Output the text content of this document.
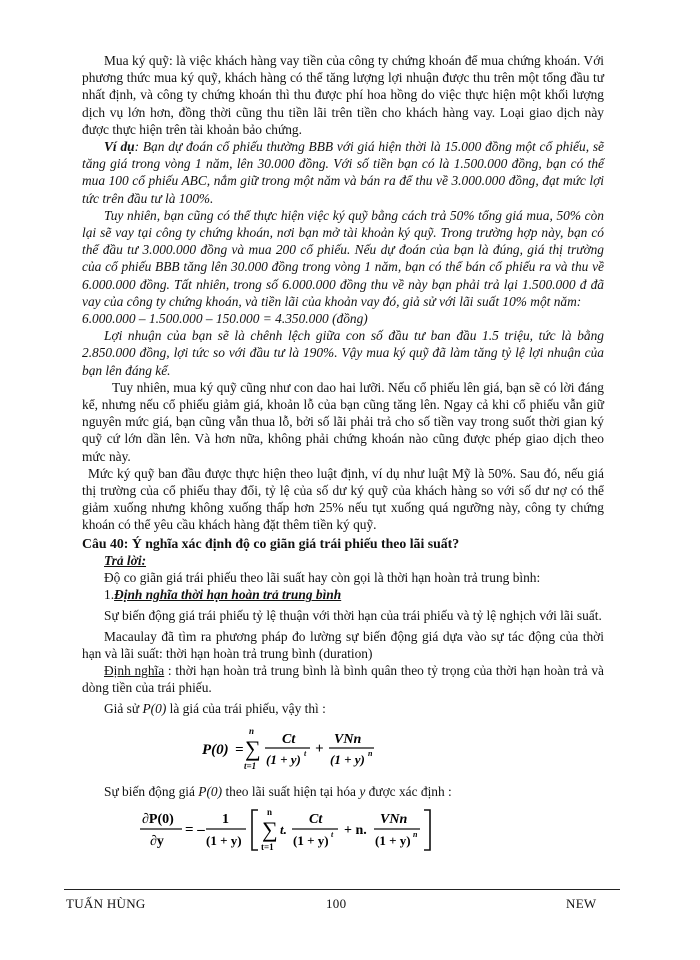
Mua ký quỹ: là việc khách hàng vay tiền của công ty chứng khoán để mua chứng khoán. Với phương thức mua ký quỹ, khách hàng có thể tăng lượng lợi nhuận được thu trên một tổng đầu tư nhất định, và công ty chứng khoán thì thu được phí hoa hồng do việc thực hiện một khối lượng dịch vụ lớn hơn, đồng thời cũng thu tiền lãi trên tiền cho khách hàng vay. Loại giao dịch này được thực hiện trên tài khoản bảo chứng.

Ví dụ: Bạn dự đoán cổ phiếu thường BBB với giá hiện thời là 15.000 đồng một cổ phiếu, sẽ tăng giá trong vòng 1 năm, lên 30.000 đồng. Với số tiền bạn có là 1.500.000 đồng, bạn có thể mua 100 cổ phiếu ABC, nắm giữ trong một năm và bán ra để thu về 3.000.000 đồng, đạt mức lợi tức trên đầu tư là 100%.

Tuy nhiên, bạn cũng có thể thực hiện việc ký quỹ bằng cách trả 50% tổng giá mua, 50% còn lại sẽ vay tại công ty chứng khoán, nơi bạn mở tài khoản ký quỹ. Trong trường hợp này, bạn có thể đầu tư 3.000.000 đồng và mua 200 cổ phiếu. Nếu dự đoán của bạn là đúng, giá thị trường của cổ phiếu BBB tăng lên 30.000 đồng trong vòng 1 năm, bạn có thể bán cổ phiếu ra và thu về 6.000.000 đồng. Tất nhiên, trong số 6.000.000 đồng thu về này bạn phải trả lại 1.500.000 đ đã vay của công ty chứng khoán, và tiền lãi của khoản vay đó, giả sử với lãi suất 10% một năm:

6.000.000 – 1.500.000 – 150.000 = 4.350.000 (đồng)

Lợi nhuận của bạn sẽ là chênh lệch giữa con số đầu tư ban đầu 1.5 triệu, tức là bằng 2.850.000 đồng, lợi tức so với đầu tư là 190%. Vậy mua ký quỹ đã làm tăng tỷ lệ lợi nhuận của bạn lên đáng kể.

Tuy nhiên, mua ký quỹ cũng như con dao hai lưỡi. Nếu cổ phiếu lên giá, bạn sẽ có lời đáng kể, nhưng nếu cổ phiếu giảm giá, khoản lỗ của bạn cũng tăng lên. Ngay cả khi cổ phiếu vẫn giữ nguyên mức giá, bạn cũng vẫn thua lỗ, bởi số lãi phải trả cho số tiền vay trong suốt thời gian ký quỹ cứ lớn dần lên. Và hơn nữa, không phải chứng khoán nào cũng được phép giao dịch theo mức này.

Mức ký quỹ ban đầu được thực hiện theo luật định, ví dụ như luật Mỹ là 50%. Sau đó, nếu giá thị trường của cổ phiếu thay đổi, tỷ lệ của số dư ký quỹ của khách hàng so với số dư nợ có thể giảm xuống nhưng không xuống thấp hơn 25% nếu tụt xuống quá ngưỡng này, công ty chứng khoán có thể yêu cầu khách hàng đặt thêm tiền ký quỹ.

Câu 40: Ý nghĩa xác định độ co giãn giá trái phiếu theo lãi suất?

Trả lời:

Độ co giãn giá trái phiếu theo lãi suất hay còn gọi là thời hạn hoàn trả trung bình:

1.Định nghĩa thời hạn hoàn trả trung bình

Sự biến động giá trái phiếu tỷ lệ thuận với thời hạn của trái phiếu và tỷ lệ nghịch với lãi suất.

Macaulay đã tìm ra phương pháp đo lường sự biến động giá dựa vào sự tác động của thời hạn và lãi suất: thời hạn hoàn trả trung bình (duration)

Định nghĩa : thời hạn hoàn trả trung bình là bình quân theo tỷ trọng của thời hạn hoàn trả và dòng tiền của trái phiếu.

Giả sử P(0) là giá của trái phiếu, vậy thì :

P(0) =
n
∑
t=1
Ct
(1 + y) t +
VNn
(1 + y) n

Sự biến động giá P(0) theo lãi suất hiện tại hóa y được xác định :

∂P(0)
∂y
= –
1
(1 + y)
n
∑
t=1
t.
Ct
(1 + y) t + n.
VNn
(1 + y) n
TUẤN HÙNG	100	NEW
